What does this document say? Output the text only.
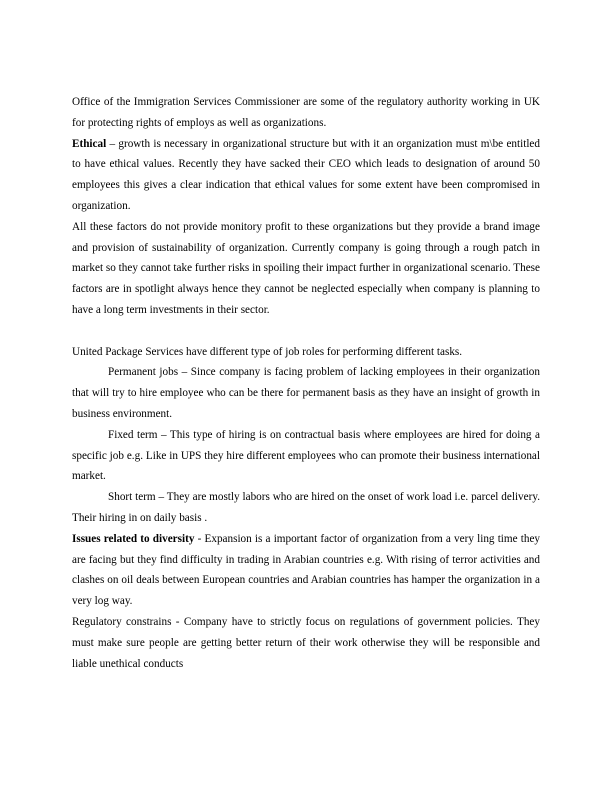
Office of the Immigration Services Commissioner are some of the regulatory authority working in UK for protecting rights of employs as well as organizations.

Ethical – growth is necessary in organizational structure but with it an organization must m\be entitled to have ethical values. Recently they have sacked their CEO which leads to designation of around 50 employees this gives a clear indication that ethical values for some extent have been compromised in organization.

All these factors do not provide monitory profit to these organizations but they provide a brand image and provision of sustainability of organization. Currently company is going through a rough patch in market so they cannot take further risks in spoiling their impact further in organizational scenario. These factors are in spotlight always hence they cannot be neglected especially when company is planning to have a long term investments in their sector.

United Package Services have different type of job roles for performing different tasks.

Permanent jobs – Since company is facing problem of lacking employees in their organization that will try to hire employee who can be there for permanent basis as they have an insight of growth in business environment.

Fixed term – This type of hiring is on contractual basis where employees are hired for doing a specific job e.g. Like in UPS they hire different employees who can promote their business international market.

Short term – They are mostly labors who are hired on the onset of work load i.e. parcel delivery. Their hiring in on daily basis .

Issues related to diversity - Expansion is a important factor of organization from a very ling time they are facing but they find difficulty in trading in Arabian countries e.g. With rising of terror activities and clashes on oil deals between European countries and Arabian countries has hamper the organization in a very log way.

Regulatory constrains - Company have to strictly focus on regulations of government policies. They must make sure people are getting better return of their work otherwise they will be responsible and liable unethical conducts
